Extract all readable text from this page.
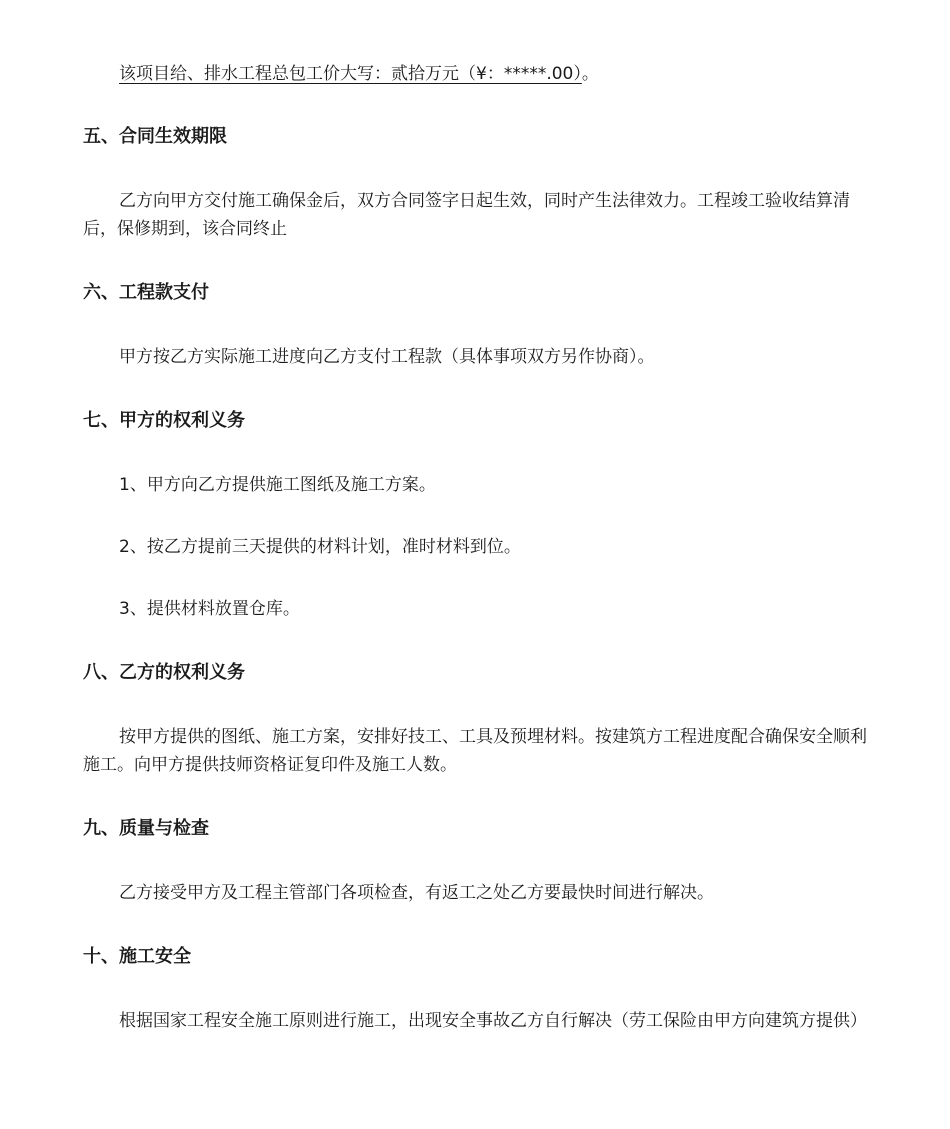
该项目给、排水工程总包工价大写：贰拾万元（¥：*****.00）。

五、合同生效期限

乙方向甲方交付施工确保金后，双方合同签字日起生效，同时产生法律效力。工程竣工验收结算清后，保修期到，该合同终止

六、工程款支付

甲方按乙方实际施工进度向乙方支付工程款（具体事项双方另作协商）。

七、甲方的权利义务

1、甲方向乙方提供施工图纸及施工方案。

2、按乙方提前三天提供的材料计划，准时材料到位。

3、提供材料放置仓库。

八、乙方的权利义务

按甲方提供的图纸、施工方案，安排好技工、工具及预埋材料。按建筑方工程进度配合确保安全顺利施工。向甲方提供技师资格证复印件及施工人数。

九、质量与检查

乙方接受甲方及工程主管部门各项检查，有返工之处乙方要最快时间进行解决。

十、施工安全

根据国家工程安全施工原则进行施工，出现安全事故乙方自行解决（劳工保险由甲方向建筑方提供）
